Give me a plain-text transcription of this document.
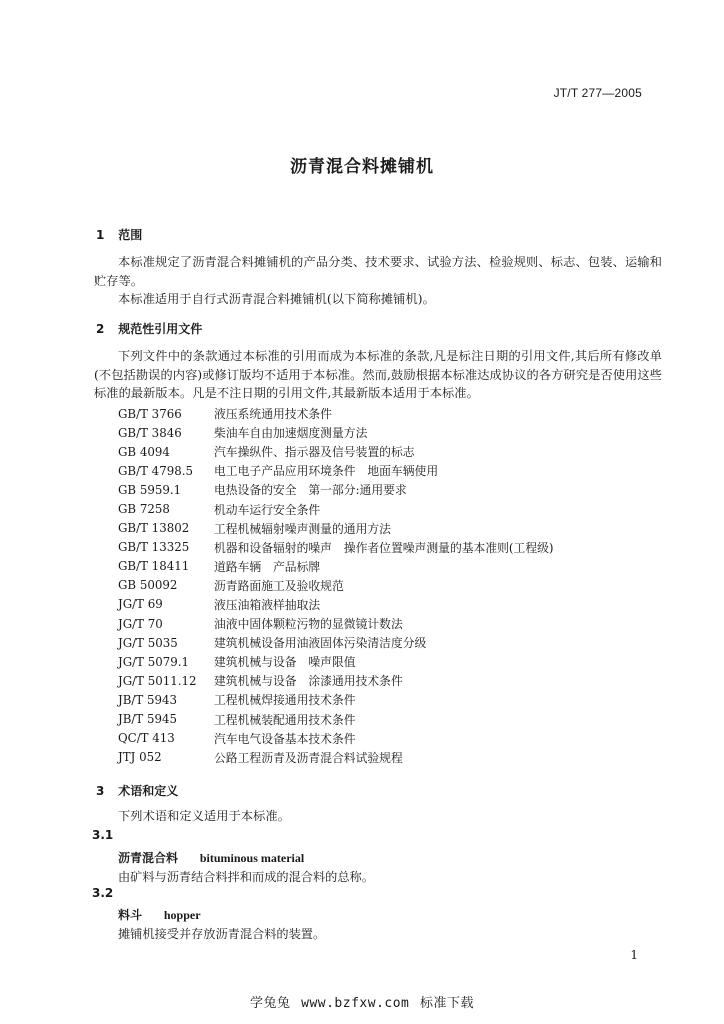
JT/T 277—2005
沥青混合料摊铺机
1 范围
本标准规定了沥青混合料摊铺机的产品分类、技术要求、试验方法、检验规则、标志、包装、运输和贮存等。
本标准适用于自行式沥青混合料摊铺机(以下简称摊铺机)。
2 规范性引用文件
下列文件中的条款通过本标准的引用而成为本标准的条款,凡是标注日期的引用文件,其后所有修改单(不包括勘误的内容)或修订版均不适用于本标准。然而,鼓励根据本标准达成协议的各方研究是否使用这些标准的最新版本。凡是不注日期的引用文件,其最新版本适用于本标准。
GB/T 3766	液压系统通用技术条件
GB/T 3846	柴油车自由加速烟度测量方法
GB 4094	汽车操纵件、指示器及信号装置的标志
GB/T 4798.5	电工电子产品应用环境条件　地面车辆使用
GB 5959.1	电热设备的安全　第一部分:通用要求
GB 7258	机动车运行安全条件
GB/T 13802	工程机械辐射噪声测量的通用方法
GB/T 13325	机器和设备辐射的噪声　操作者位置噪声测量的基本准则(工程级)
GB/T 18411	道路车辆　产品标牌
GB 50092	沥青路面施工及验收规范
JG/T 69	液压油箱液样抽取法
JG/T 70	油液中固体颗粒污物的显微镜计数法
JG/T 5035	建筑机械设备用油液固体污染清洁度分级
JG/T 5079.1	建筑机械与设备　噪声限值
JG/T 5011.12	建筑机械与设备　涂漆通用技术条件
JB/T 5943	工程机械焊接通用技术条件
JB/T 5945	工程机械装配通用技术条件
QC/T 413	汽车电气设备基本技术条件
JTJ 052	公路工程沥青及沥青混合料试验规程
3 术语和定义
下列术语和定义适用于本标准。
3.1
沥青混合料 bituminous material
由矿料与沥青结合料拌和而成的混合料的总称。
3.2
料斗 hopper
摊铺机接受并存放沥青混合料的装置。
1
学兔兔 www.bzfxw.com 标准下载
